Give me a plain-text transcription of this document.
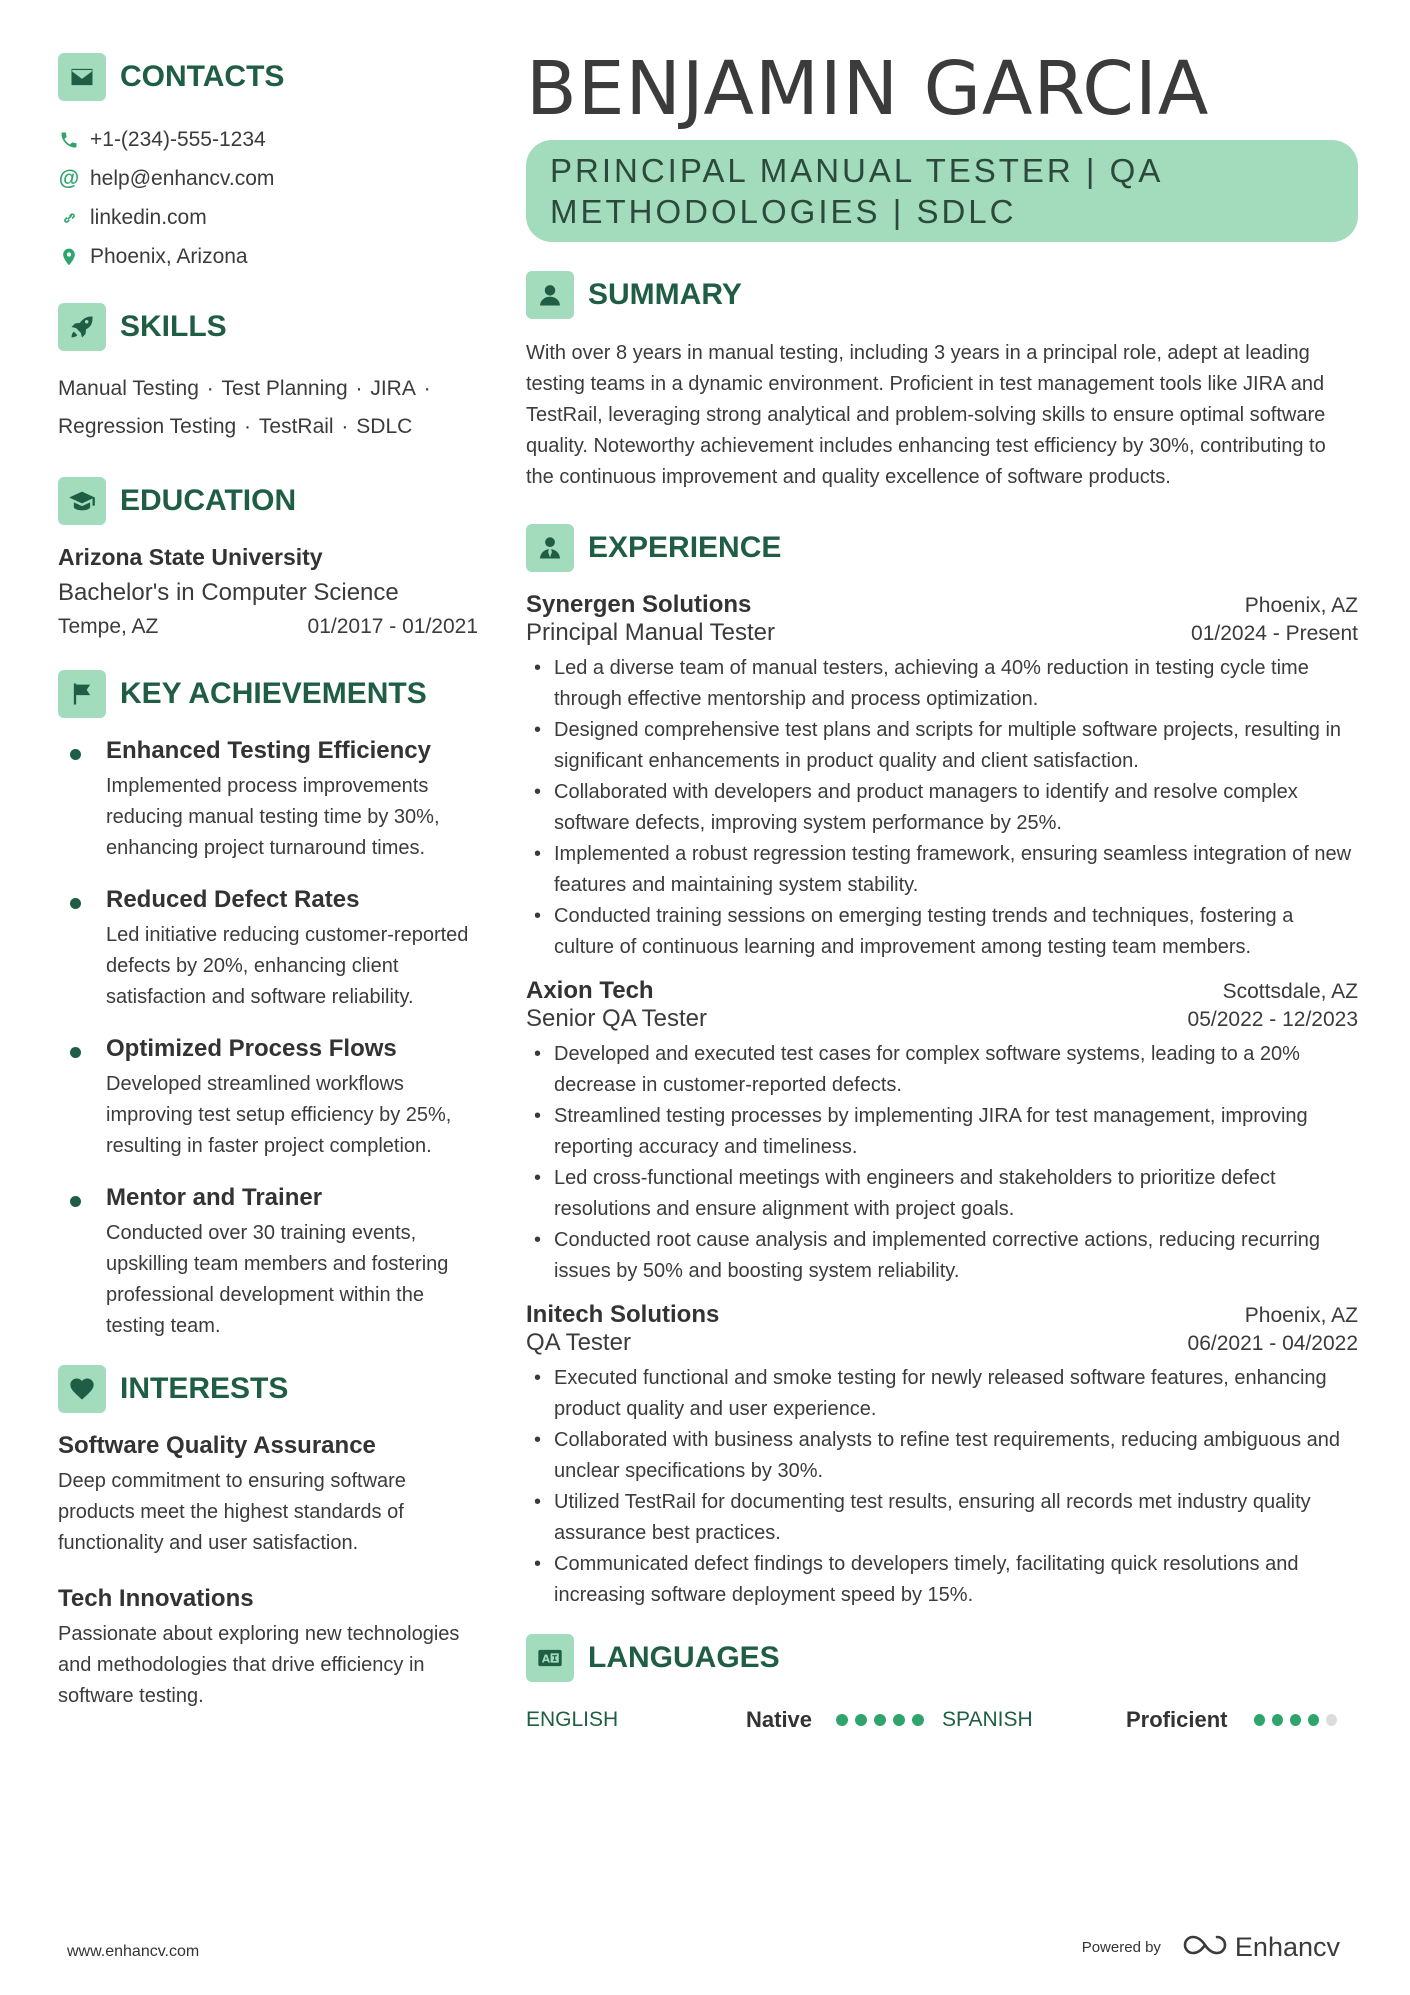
CONTACTS
+1-(234)-555-1234
@ help@enhancv.com
linkedin.com
Phoenix, Arizona
SKILLS
Manual Testing · Test Planning · JIRA ·
Regression Testing · TestRail · SDLC
EDUCATION
Arizona State University
Bachelor's in Computer Science
Tempe, AZ	01/2017 - 01/2021
KEY ACHIEVEMENTS
Enhanced Testing Efficiency
Implemented process improvements reducing manual testing time by 30%, enhancing project turnaround times.
Reduced Defect Rates
Led initiative reducing customer-reported defects by 20%, enhancing client satisfaction and software reliability.
Optimized Process Flows
Developed streamlined workflows improving test setup efficiency by 25%, resulting in faster project completion.
Mentor and Trainer
Conducted over 30 training events, upskilling team members and fostering professional development within the testing team.
INTERESTS
Software Quality Assurance
Deep commitment to ensuring software products meet the highest standards of functionality and user satisfaction.
Tech Innovations
Passionate about exploring new technologies and methodologies that drive efficiency in software testing.
BENJAMIN GARCIA
PRINCIPAL MANUAL TESTER | QA METHODOLOGIES | SDLC
SUMMARY
With over 8 years in manual testing, including 3 years in a principal role, adept at leading testing teams in a dynamic environment. Proficient in test management tools like JIRA and TestRail, leveraging strong analytical and problem-solving skills to ensure optimal software quality. Noteworthy achievement includes enhancing test efficiency by 30%, contributing to the continuous improvement and quality excellence of software products.
EXPERIENCE
Synergen Solutions	Phoenix, AZ
Principal Manual Tester	01/2024 - Present
• Led a diverse team of manual testers, achieving a 40% reduction in testing cycle time through effective mentorship and process optimization.
• Designed comprehensive test plans and scripts for multiple software projects, resulting in significant enhancements in product quality and client satisfaction.
• Collaborated with developers and product managers to identify and resolve complex software defects, improving system performance by 25%.
• Implemented a robust regression testing framework, ensuring seamless integration of new features and maintaining system stability.
• Conducted training sessions on emerging testing trends and techniques, fostering a culture of continuous learning and improvement among testing team members.
Axion Tech	Scottsdale, AZ
Senior QA Tester	05/2022 - 12/2023
• Developed and executed test cases for complex software systems, leading to a 20% decrease in customer-reported defects.
• Streamlined testing processes by implementing JIRA for test management, improving reporting accuracy and timeliness.
• Led cross-functional meetings with engineers and stakeholders to prioritize defect resolutions and ensure alignment with project goals.
• Conducted root cause analysis and implemented corrective actions, reducing recurring issues by 50% and boosting system reliability.
Initech Solutions	Phoenix, AZ
QA Tester	06/2021 - 04/2022
• Executed functional and smoke testing for newly released software features, enhancing product quality and user experience.
• Collaborated with business analysts to refine test requirements, reducing ambiguous and unclear specifications by 30%.
• Utilized TestRail for documenting test results, ensuring all records met industry quality assurance best practices.
• Communicated defect findings to developers timely, facilitating quick resolutions and increasing software deployment speed by 15%.
A LANGUAGES
ENGLISH	Native	SPANISH	Proficient
www.enhancv.com	Powered by	Enhancv
